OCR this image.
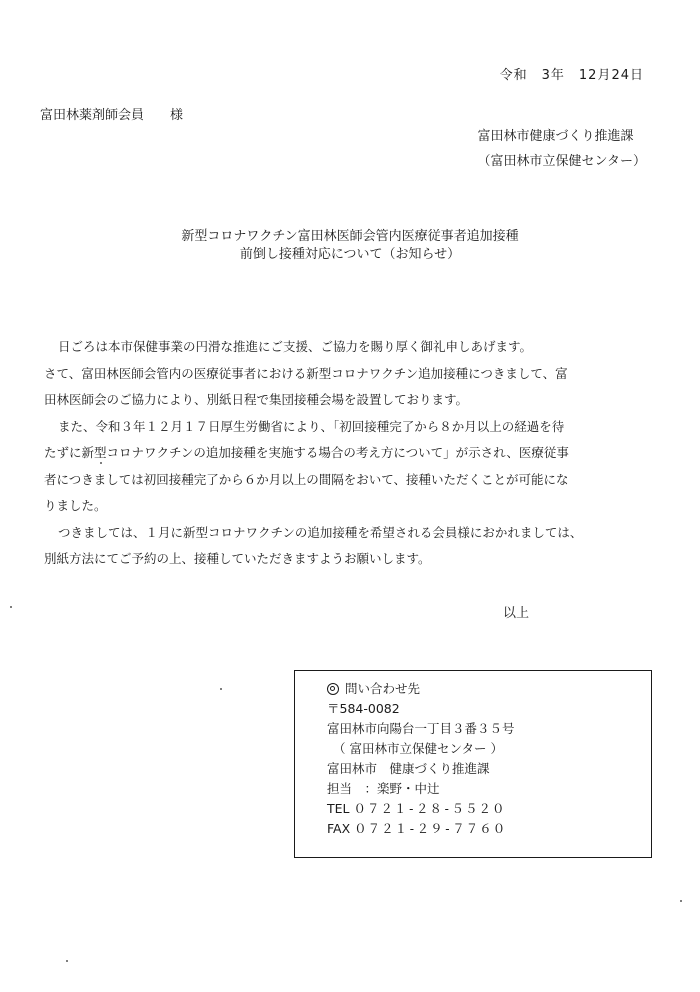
令和　3年　12月24日
富田林薬剤師会員 様
富田林市健康づくり推進課
（富田林市立保健センター）
新型コロナワクチン富田林医師会管内医療従事者追加接種
前倒し接種対応について（お知らせ）

日ごろは本市保健事業の円滑な推進にご支援、ご協力を賜り厚く御礼申しあげます。

さて、富田林医師会管内の医療従事者における新型コロナワクチン追加接種につきまして、富

田林医師会のご協力により、別紙日程で集団接種会場を設置しております。

また、令和３年１２月１７日厚生労働省により、「初回接種完了から８か月以上の経過を待

たずに新型コロナワクチンの追加接種を実施する場合の考え方について」が示され、医療従事

者につきましては初回接種完了から６か月以上の間隔をおいて、接種いただくことが可能にな

りました。

つきましては、１月に新型コロナワクチンの追加接種を希望される会員様におかれましては、

別紙方法にてご予約の上、接種していただきますようお願いします。

以上
問い合わせ先
〒584-0082
富田林市向陽台一丁目３番３５号
（ 富田林市立保健センター ）
富田林市　健康づくり推進課
担当　：楽野・中辻
TEL ０７２１-２８-５５２０
FAX ０７２１-２９-７７６０
